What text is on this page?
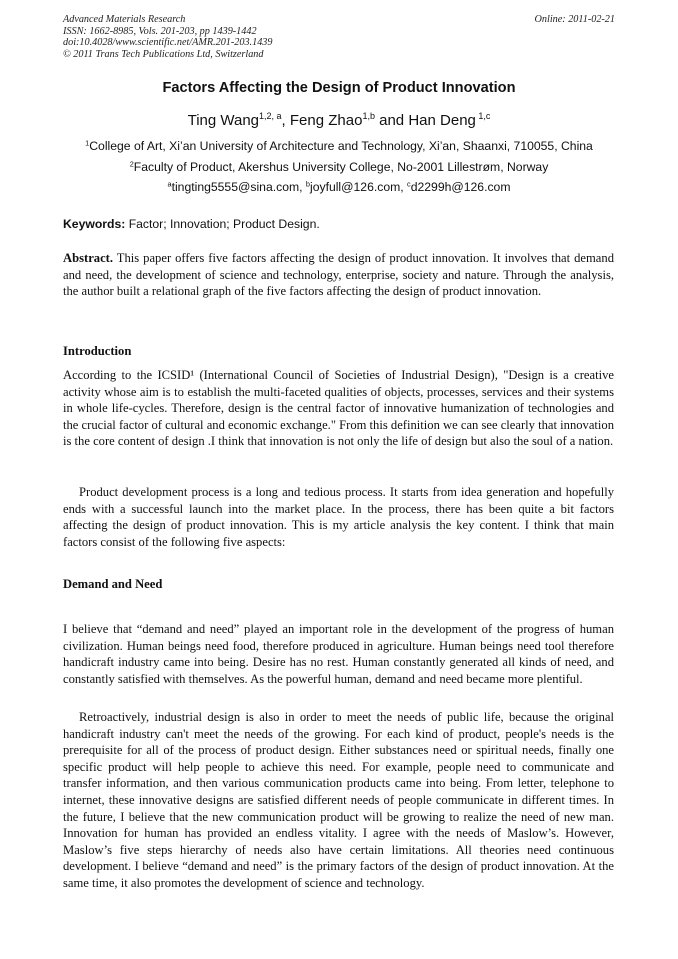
Advanced Materials Research
ISSN: 1662-8985, Vols. 201-203, pp 1439-1442
doi:10.4028/www.scientific.net/AMR.201-203.1439
© 2011 Trans Tech Publications Ltd, Switzerland
Online: 2011-02-21
Factors Affecting the Design of Product Innovation
Ting Wang$^{1,2, a}$, Feng Zhao$^{1,b}$ and Han Deng $^{1,c}$
$^1$College of Art, Xi’an University of Architecture and Technology, Xi’an, Shaanxi, 710055, China
$^2$Faculty of Product, Akershus University College, No-2001 Lillestrøm, Norway
$^a$tingting5555@sina.com, $^b$joyfull@126.com, $^c$d2299h@126.com
Keywords: Factor; Innovation; Product Design.
Abstract. This paper offers five factors affecting the design of product innovation. It involves that demand and need, the development of science and technology, enterprise, society and nature. Through the analysis, the author built a relational graph of the five factors affecting the design of product innovation.
Introduction
According to the ICSID¹ (International Council of Societies of Industrial Design), "Design is a creative activity whose aim is to establish the multi-faceted qualities of objects, processes, services and their systems in whole life-cycles. Therefore, design is the central factor of innovative humanization of technologies and the crucial factor of cultural and economic exchange." From this definition we can see clearly that innovation is the core content of design .I think that innovation is not only the life of design but also the soul of a nation.
Product development process is a long and tedious process. It starts from idea generation and hopefully ends with a successful launch into the market place. In the process, there has been quite a bit factors affecting the design of product innovation. This is my article analysis the key content. I think that main factors consist of the following five aspects:
Demand and Need
I believe that “demand and need” played an important role in the development of the progress of human civilization. Human beings need food, therefore produced in agriculture. Human beings need tool therefore handicraft industry came into being. Desire has no rest. Human constantly generated all kinds of need, and constantly satisfied with themselves. As the powerful human, demand and need became more plentiful.
Retroactively, industrial design is also in order to meet the needs of public life, because the original handicraft industry can't meet the needs of the growing. For each kind of product, people's needs is the prerequisite for all of the process of product design. Either substances need or spiritual needs, finally one specific product will help people to achieve this need. For example, people need to communicate and transfer information, and then various communication products came into being. From letter, telephone to internet, these innovative designs are satisfied different needs of people communicate in different times. In the future, I believe that the new communication product will be growing to realize the need of new man. Innovation for human has provided an endless vitality. I agree with the needs of Maslow’s. However, Maslow’s five steps hierarchy of needs also have certain limitations. All theories need continuous development. I believe “demand and need” is the primary factors of the design of product innovation. At the same time, it also promotes the development of science and technology.
